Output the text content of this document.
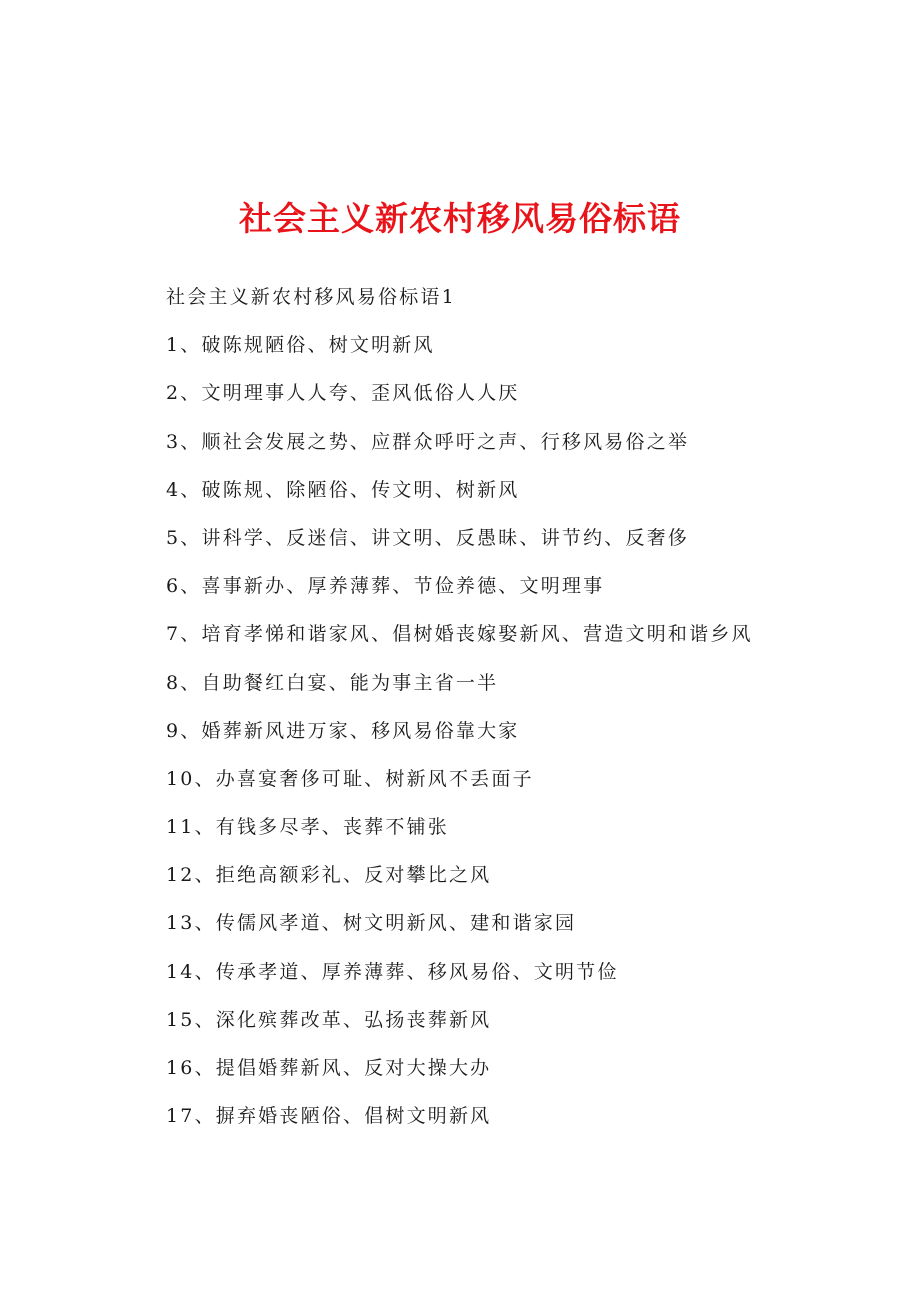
社会主义新农村移风易俗标语
社会主义新农村移风易俗标语1
1、破陈规陋俗、树文明新风
2、文明理事人人夸、歪风低俗人人厌
3、顺社会发展之势、应群众呼吁之声、行移风易俗之举
4、破陈规、除陋俗、传文明、树新风
5、讲科学、反迷信、讲文明、反愚昧、讲节约、反奢侈
6、喜事新办、厚养薄葬、节俭养德、文明理事
7、培育孝悌和谐家风、倡树婚丧嫁娶新风、营造文明和谐乡风
8、自助餐红白宴、能为事主省一半
9、婚葬新风进万家、移风易俗靠大家
10、办喜宴奢侈可耻、树新风不丢面子
11、有钱多尽孝、丧葬不铺张
12、拒绝高额彩礼、反对攀比之风
13、传儒风孝道、树文明新风、建和谐家园
14、传承孝道、厚养薄葬、移风易俗、文明节俭
15、深化殡葬改革、弘扬丧葬新风
16、提倡婚葬新风、反对大操大办
17、摒弃婚丧陋俗、倡树文明新风
